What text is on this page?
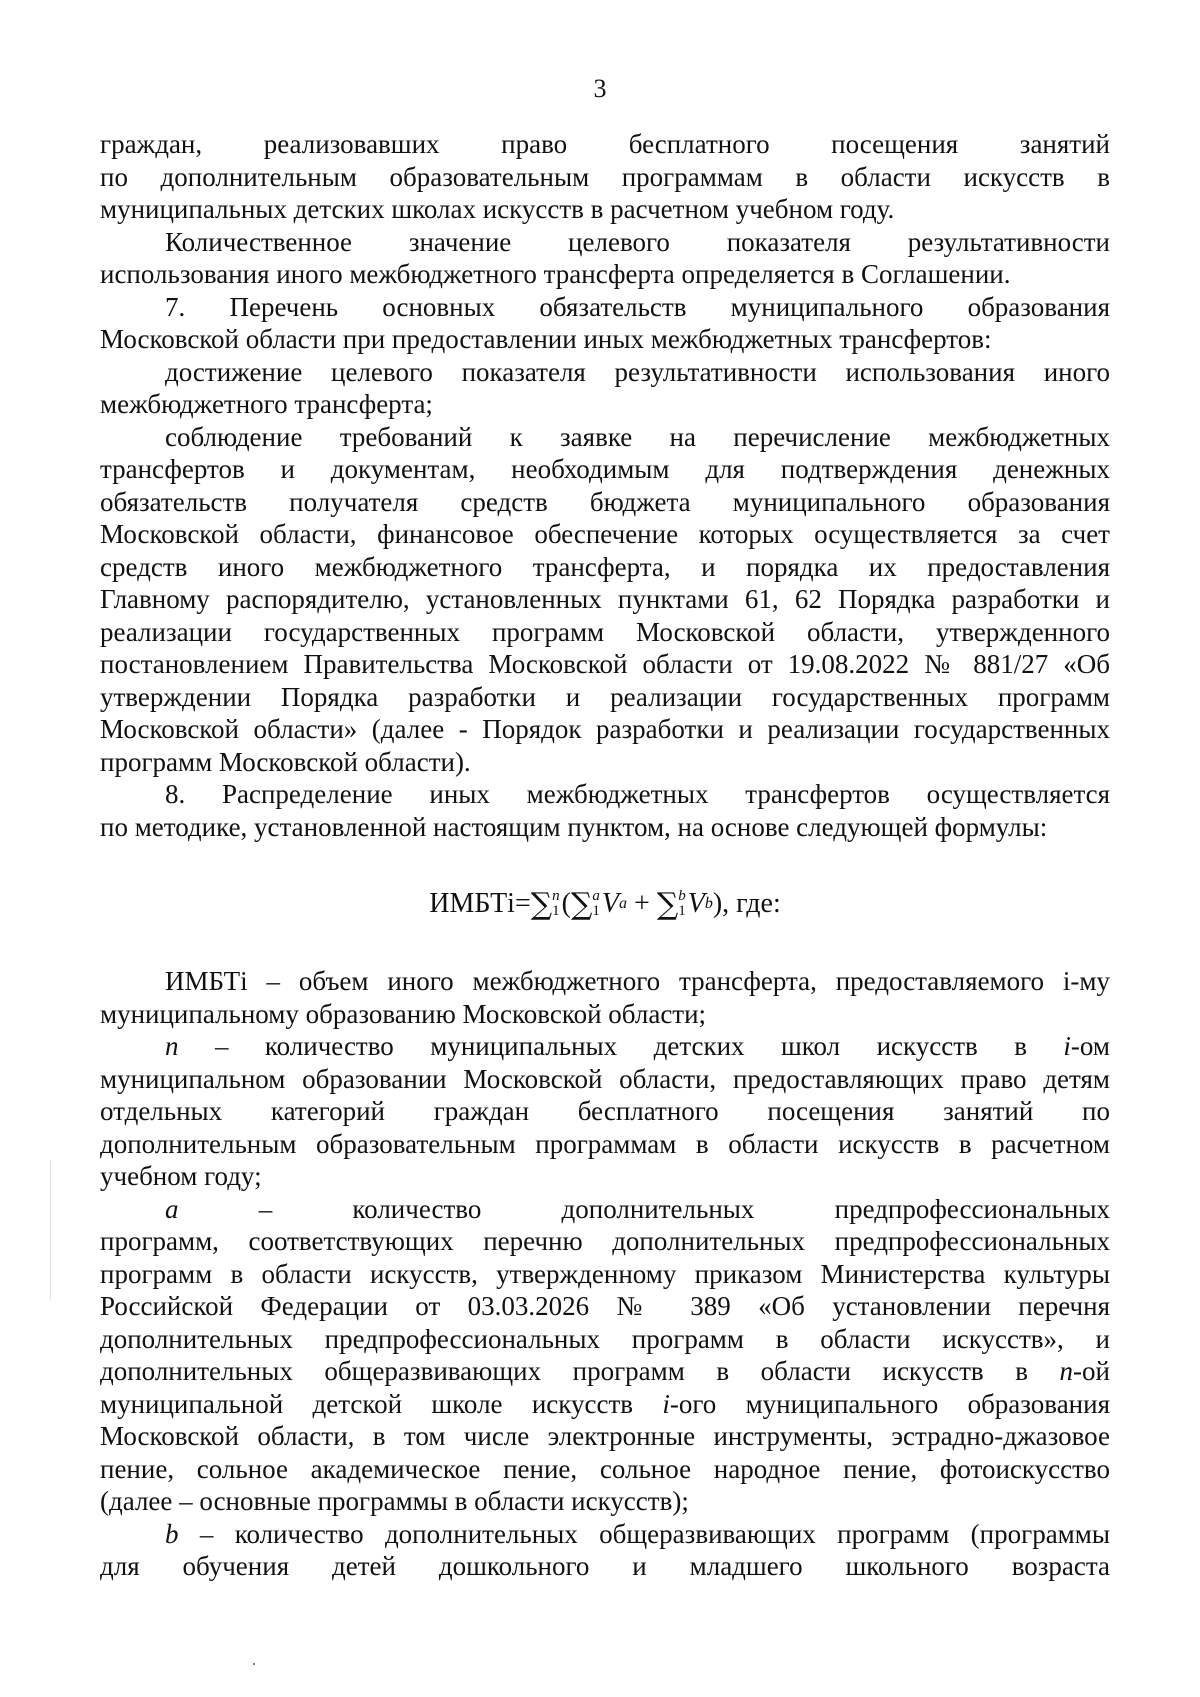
3
граждан, реализовавших право бесплатного посещения занятий
по дополнительным образовательным программам в области искусств в
муниципальных детских школах искусств в расчетном учебном году.
Количественное значение целевого показателя результативности
использования иного межбюджетного трансферта определяется в Соглашении.
7. Перечень основных обязательств муниципального образования
Московской области при предоставлении иных межбюджетных трансфертов:
достижение целевого показателя результативности использования иного
межбюджетного трансферта;
соблюдение требований к заявке на перечисление межбюджетных
трансфертов и документам, необходимым для подтверждения денежных
обязательств получателя средств бюджета муниципального образования
Московской области, финансовое обеспечение которых осуществляется за счет
средств иного межбюджетного трансферта, и порядка их предоставления
Главному распорядителю, установленных пунктами 61, 62 Порядка разработки и
реализации государственных программ Московской области, утвержденного
постановлением Правительства Московской области от 19.08.2022 № 881/27 «Об
утверждении Порядка разработки и реализации государственных программ
Московской области» (далее - Порядок разработки и реализации государственных
программ Московской области).
8. Распределение иных межбюджетных трансфертов осуществляется
по методике, установленной настоящим пунктом, на основе следующей формулы:
ИМБТi= ∑ n
1 ( ∑ a
1 V a + ∑ b
1 V b ), где:
ИМБТi – объем иного межбюджетного трансферта, предоставляемого i-му
муниципальному образованию Московской области;
n – количество муниципальных детских школ искусств в i-ом
муниципальном образовании Московской области, предоставляющих право детям
отдельных категорий граждан бесплатного посещения занятий по
дополнительным образовательным программам в области искусств в расчетном
учебном году;
a – количество дополнительных предпрофессиональных
программ, соответствующих перечню дополнительных предпрофессиональных
программ в области искусств, утвержденному приказом Министерства культуры
Российской Федерации от 03.03.2026 № 389 «Об установлении перечня
дополнительных предпрофессиональных программ в области искусств», и
дополнительных общеразвивающих программ в области искусств в n-ой
муниципальной детской школе искусств i-ого муниципального образования
Московской области, в том числе электронные инструменты, эстрадно-джазовое
пение, сольное академическое пение, сольное народное пение, фотоискусство
(далее – основные программы в области искусств);
b – количество дополнительных общеразвивающих программ (программы
для обучения детей дошкольного и младшего школьного возраста
